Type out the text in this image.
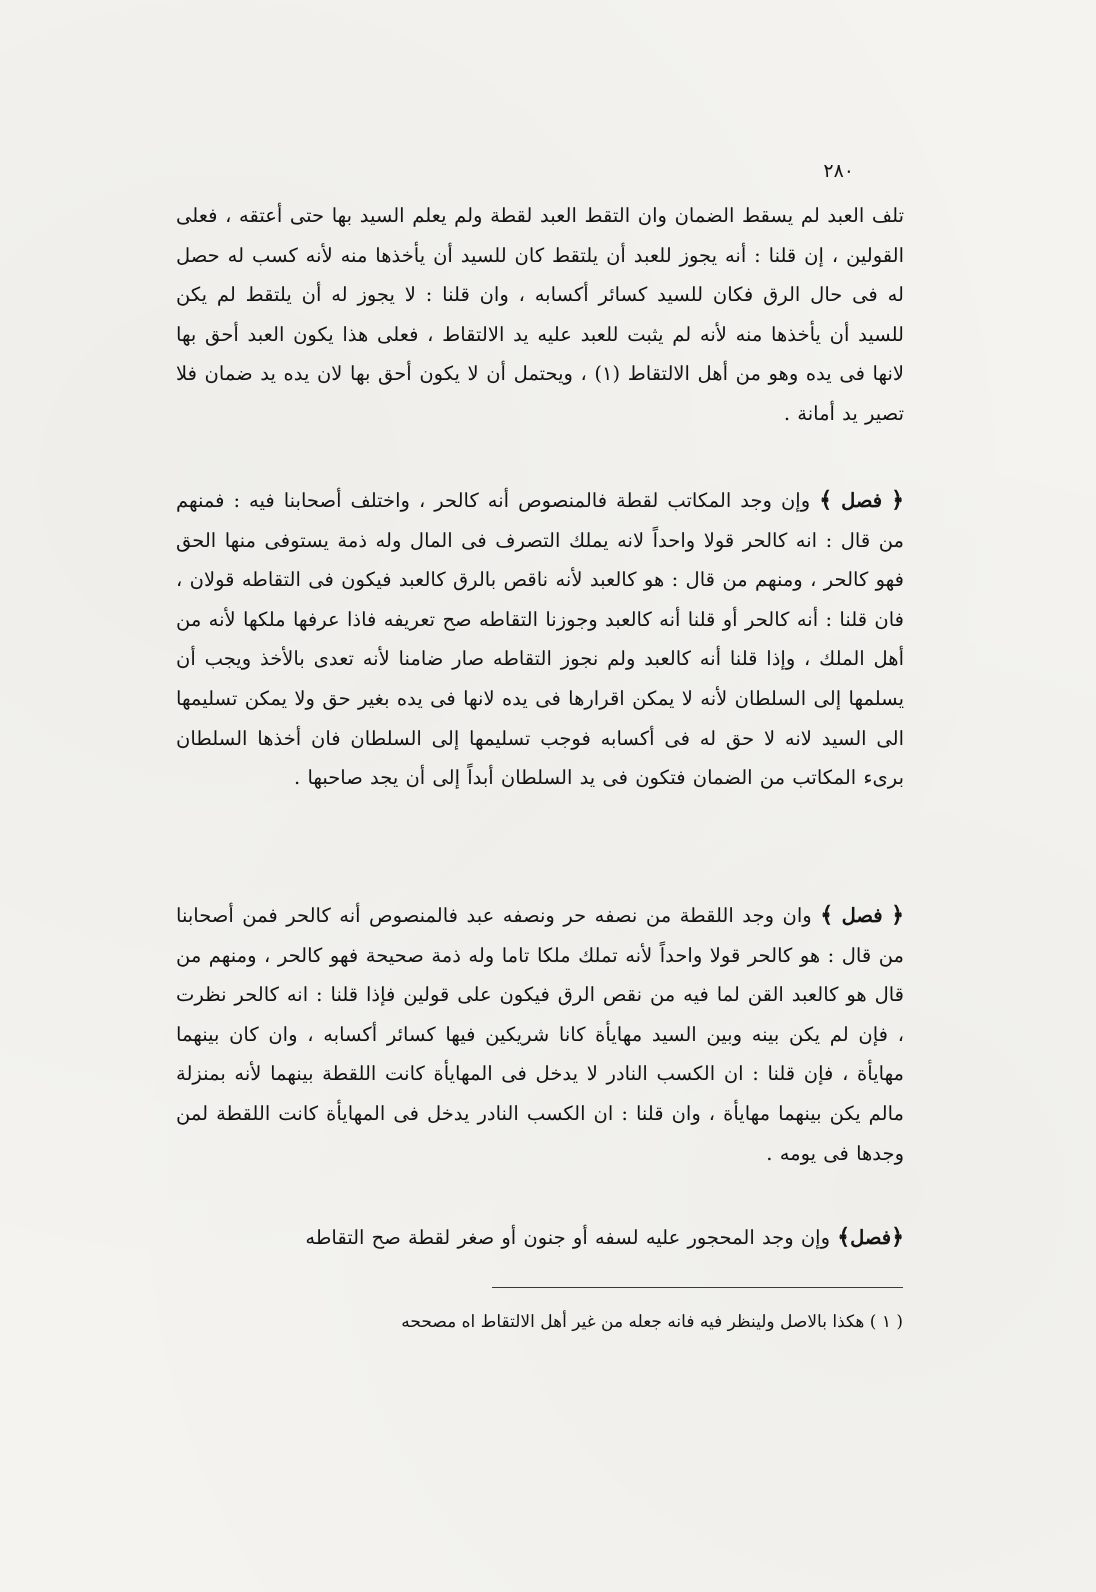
٢٨٠

تلف العبد لم يسقط الضمان وان التقط العبد لقطة ولم يعلم السيد بها حتى أعتقه ، فعلى القولين ، إن قلنا : أنه يجوز للعبد أن يلتقط كان للسيد أن يأخذها منه لأنه كسب له حصل له فى حال الرق فكان للسيد كسائر أكسابه ، وان قلنا : لا يجوز له أن يلتقط لم يكن للسيد أن يأخذها منه لأنه لم يثبت للعبد عليه يد الالتقاط ، فعلى هذا يكون العبد أحق بها لانها فى يده وهو من أهل الالتقاط (١) ، ويحتمل أن لا يكون أحق بها لان يده يد ضمان فلا تصير يد أمانة .

﴿ فصل ﴾ وإن وجد المكاتب لقطة فالمنصوص أنه كالحر ، واختلف أصحابنا فيه : فمنهم من قال : انه كالحر قولا واحداً لانه يملك التصرف فى المال وله ذمة يستوفى منها الحق فهو كالحر ، ومنهم من قال : هو كالعبد لأنه ناقص بالرق كالعبد فيكون فى التقاطه قولان ، فان قلنا : أنه كالحر أو قلنا أنه كالعبد وجوزنا التقاطه صح تعريفه فاذا عرفها ملكها لأنه من أهل الملك ، وإذا قلنا أنه كالعبد ولم نجوز التقاطه صار ضامنا لأنه تعدى بالأخذ ويجب أن يسلمها إلى السلطان لأنه لا يمكن اقرارها فى يده لانها فى يده بغير حق ولا يمكن تسليمها الى السيد لانه لا حق له فى أكسابه فوجب تسليمها إلى السلطان فان أخذها السلطان برىء المكاتب من الضمان فتكون فى يد السلطان أبداً إلى أن يجد صاحبها .

﴿ فصل ﴾ وان وجد اللقطة من نصفه حر ونصفه عبد فالمنصوص أنه كالحر فمن أصحابنا من قال : هو كالحر قولا واحداً لأنه تملك ملكا تاما وله ذمة صحيحة فهو كالحر ، ومنهم من قال هو كالعبد القن لما فيه من نقص الرق فيكون على قولين فإذا قلنا : انه كالحر نظرت ، فإن لم يكن بينه وبين السيد مهايأة كانا شريكين فيها كسائر أكسابه ، وان كان بينهما مهايأة ، فإن قلنا : ان الكسب النادر لا يدخل فى المهايأة كانت اللقطة بينهما لأنه بمنزلة مالم يكن بينهما مهايأة ، وان قلنا : ان الكسب النادر يدخل فى المهايأة كانت اللقطة لمن وجدها فى يومه .

﴿فصل﴾ وإن وجد المحجور عليه لسفه أو جنون أو صغر لقطة صح التقاطه

( ١ ) هكذا بالاصل ولينظر فيه فانه جعله من غير أهل الالتقاط اه مصححه
